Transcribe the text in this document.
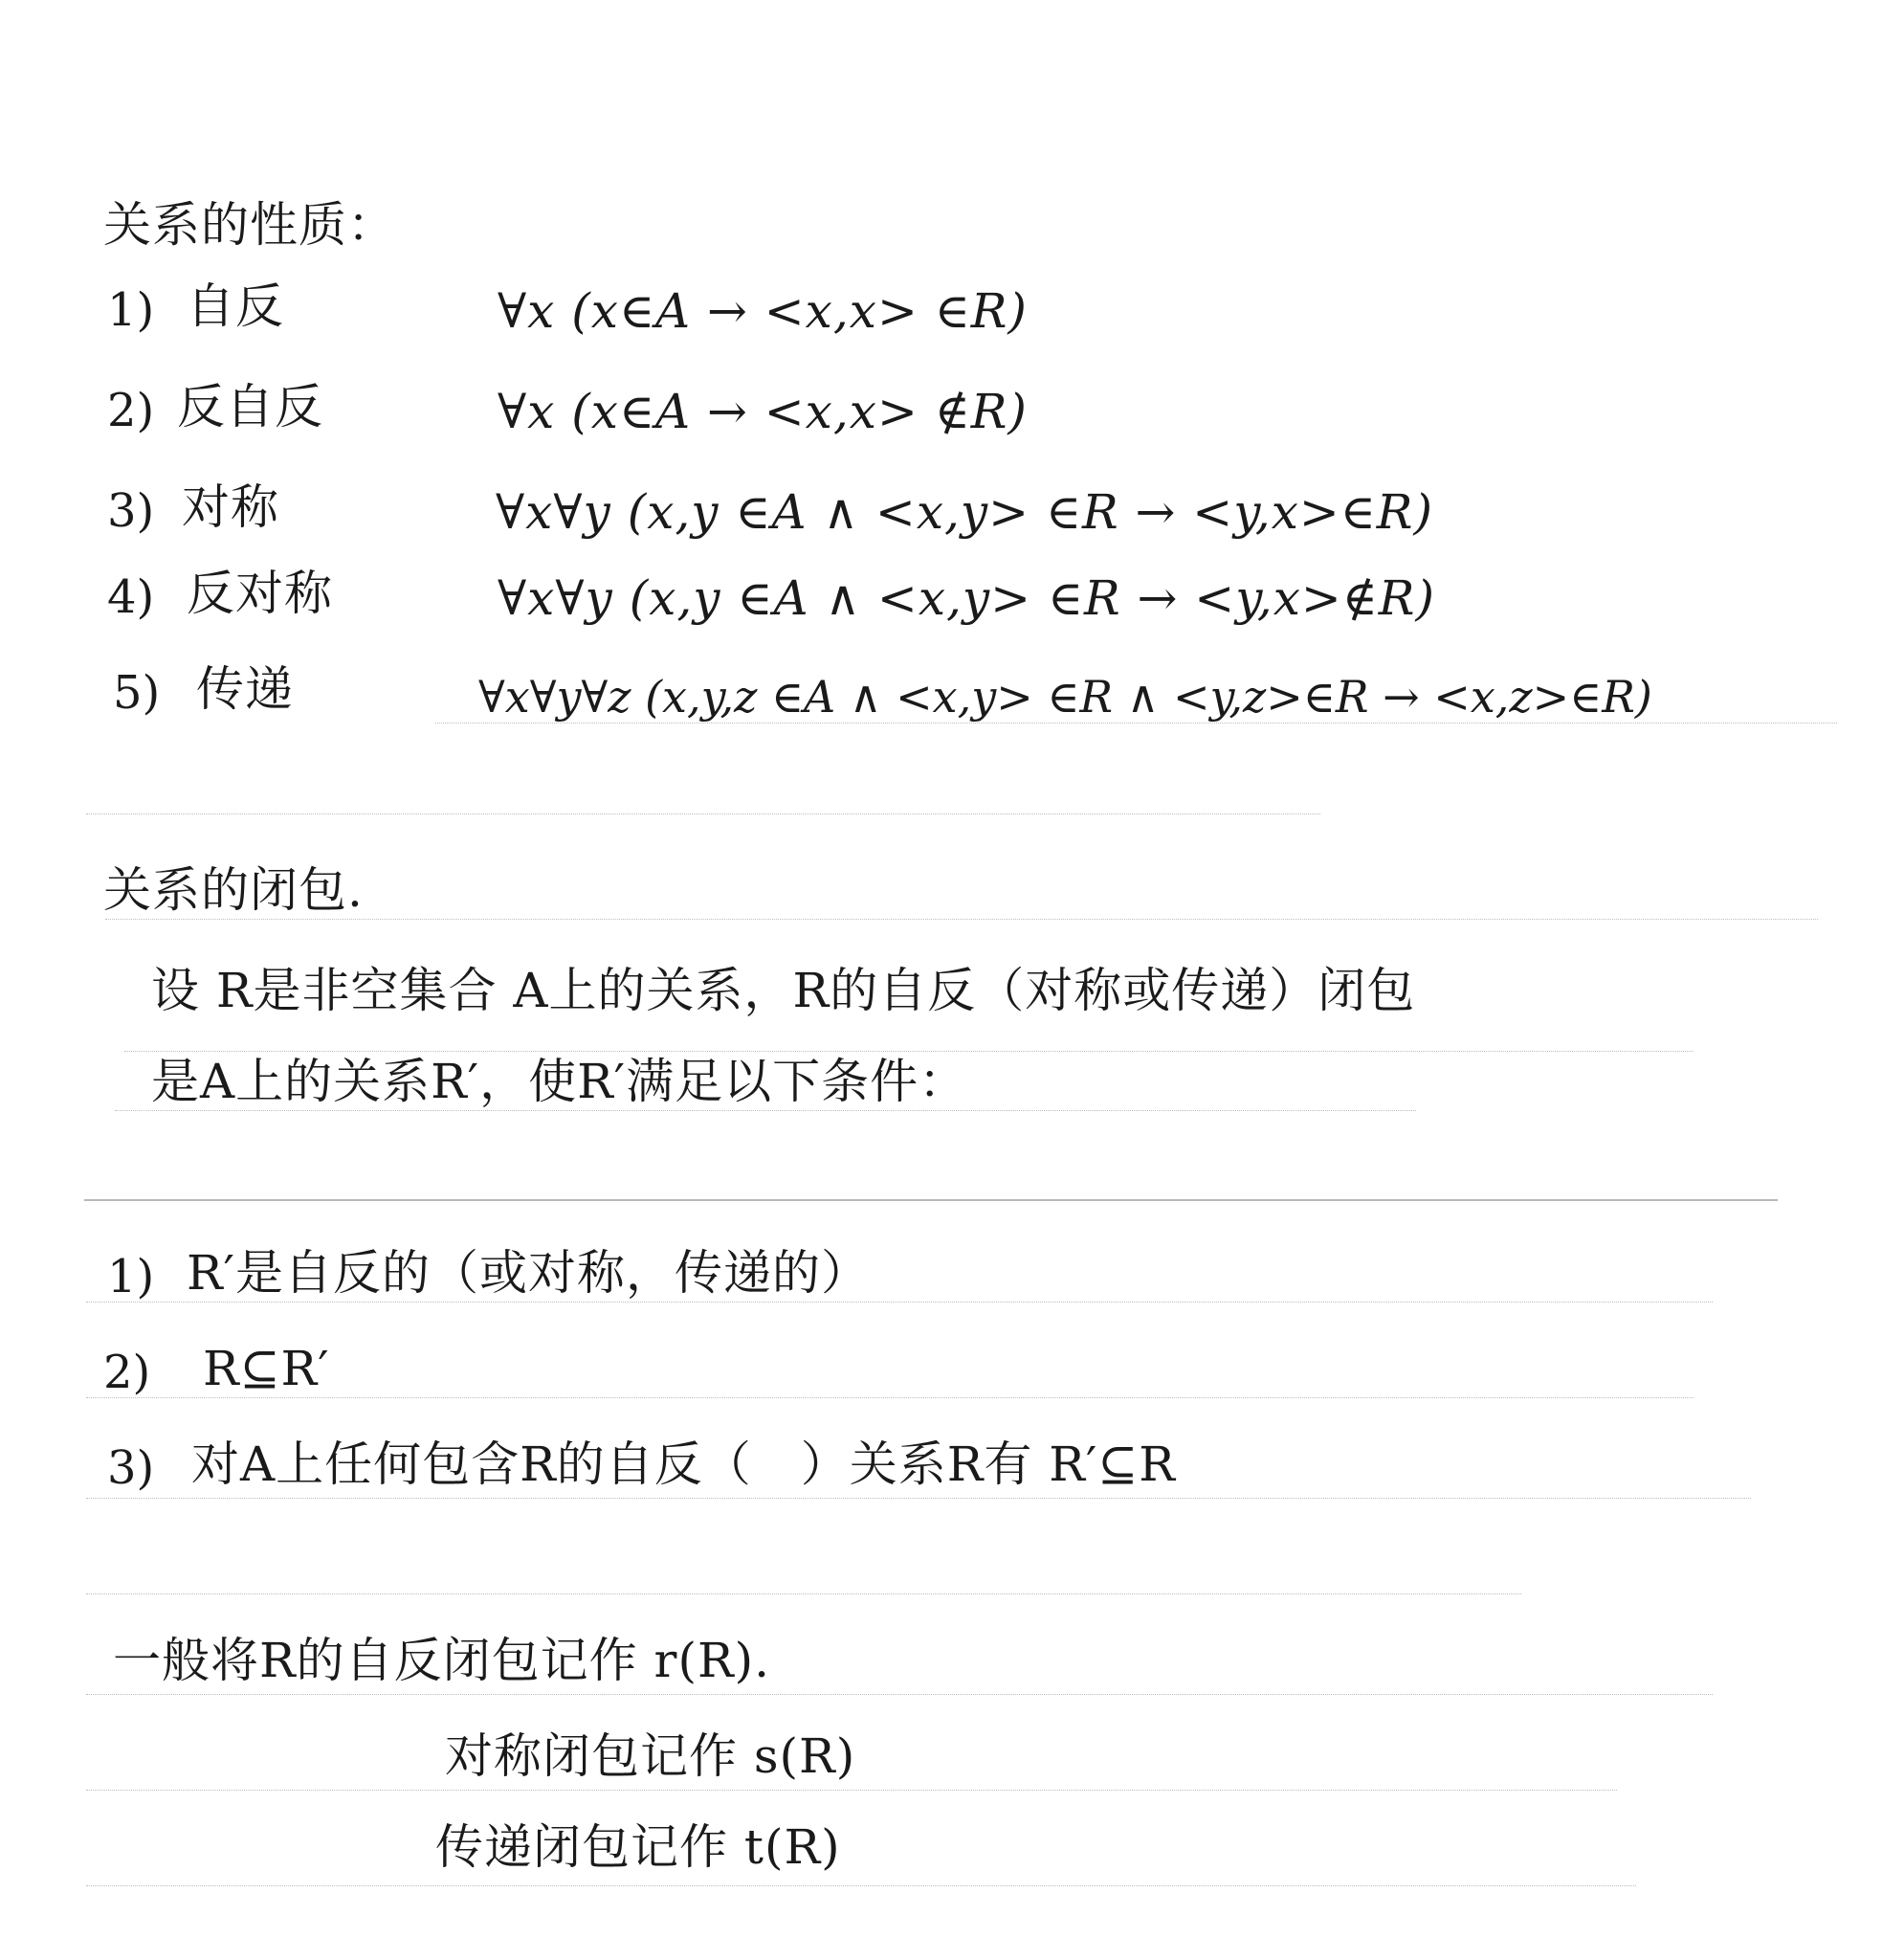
关系的性质：
1) 自反	∀x (x∈A → <x,x> ∈R)
2) 反自反	∀x (x∈A → <x,x> ∉R)
3) 对称	∀x∀y (x,y ∈A ∧ <x,y> ∈R → <y,x>∈R)
4) 反对称	∀x∀y (x,y ∈A ∧ <x,y> ∈R → <y,x>∉R)
5) 传递	∀x∀y∀z (x,y,z ∈A ∧ <x,y> ∈R ∧ <y,z>∈R → <x,z>∈R)
关系的闭包.
设 R是非空集合 A上的关系，R的自反（对称或传递）闭包
是A上的关系R′，使R′满足以下条件：
1) R′是自反的（或对称，传递的）
2) R⊆R′
3) 对A上任何包含R的自反（　）关系R有 R′⊆R
一般将R的自反闭包记作 r(R).
对称闭包记作 s(R)
传递闭包记作 t(R)
